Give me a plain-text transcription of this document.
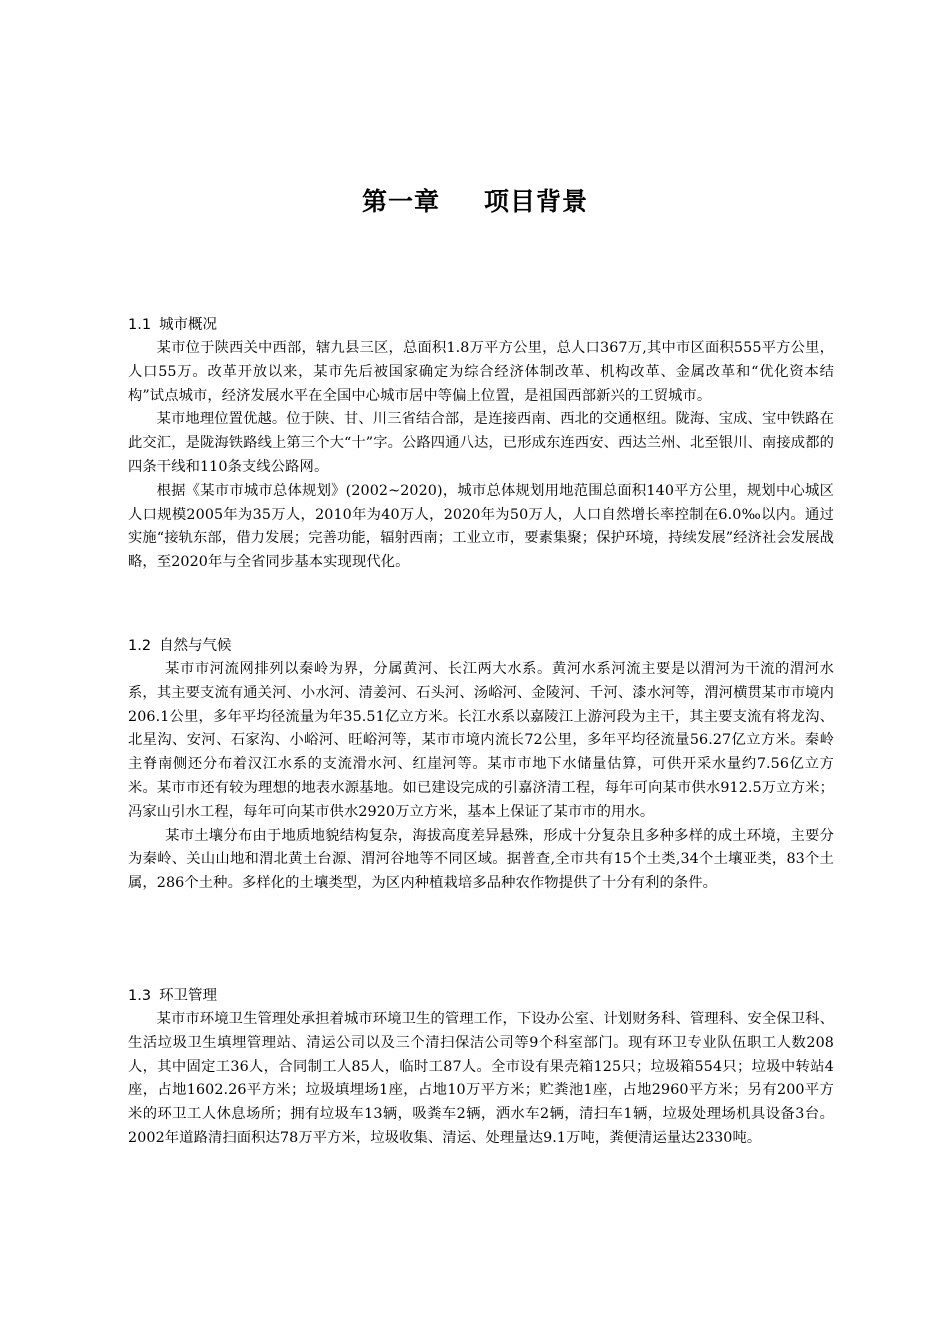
第一章 项目背景
1.1 城市概况

某市位于陕西关中西部，辖九县三区，总面积1.8万平方公里，总人口367万,其中市区面积555平方公里，人口55万。改革开放以来，某市先后被国家确定为综合经济体制改革、机构改革、金属改革和“优化资本结构”试点城市，经济发展水平在全国中心城市居中等偏上位置，是祖国西部新兴的工贸城市。

某市地理位置优越。位于陕、甘、川三省结合部，是连接西南、西北的交通枢纽。陇海、宝成、宝中铁路在此交汇，是陇海铁路线上第三个大“十”字。公路四通八达，已形成东连西安、西达兰州、北至银川、南接成都的四条干线和110条支线公路网。

根据《某市市城市总体规划》(2002~2020)，城市总体规划用地范围总面积140平方公里，规划中心城区人口规模2005年为35万人，2010年为40万人，2020年为50万人，人口自然增长率控制在6.0‰以内。通过实施“接轨东部，借力发展；完善功能，辐射西南；工业立市，要素集聚；保护环境，持续发展”经济社会发展战略，至2020年与全省同步基本实现现代化。

1.2 自然与气候

某市市河流网排列以秦岭为界，分属黄河、长江两大水系。黄河水系河流主要是以渭河为干流的渭河水系，其主要支流有通关河、小水河、清姜河、石头河、汤峪河、金陵河、千河、漆水河等，渭河横贯某市市境内206.1公里，多年平均径流量为年35.51亿立方米。长江水系以嘉陵江上游河段为主干，其主要支流有将龙沟、北星沟、安河、石家沟、小峪河、旺峪河等，某市市境内流长72公里，多年平均径流量56.27亿立方米。秦岭主脊南侧还分布着汉江水系的支流滑水河、红崖河等。某市市地下水储量估算，可供开采水量约7.56亿立方米。某市市还有较为理想的地表水源基地。如已建设完成的引嘉济清工程，每年可向某市供水912.5万立方米；冯家山引水工程，每年可向某市供水2920万立方米，基本上保证了某市市的用水。

某市土壤分布由于地质地貌结构复杂，海拔高度差异悬殊，形成十分复杂且多种多样的成土环境，主要分为秦岭、关山山地和渭北黄土台源、渭河谷地等不同区域。据普查,全市共有15个土类,34个土壤亚类，83个土属，286个土种。多样化的土壤类型，为区内种植栽培多品种农作物提供了十分有利的条件。

1.3 环卫管理

某市市环境卫生管理处承担着城市环境卫生的管理工作，下设办公室、计划财务科、管理科、安全保卫科、生活垃圾卫生填埋管理站、清运公司以及三个清扫保洁公司等9个科室部门。现有环卫专业队伍职工人数208人，其中固定工36人，合同制工人85人，临时工87人。全市设有果壳箱125只；垃圾箱554只；垃圾中转站4座，占地1602.26平方米；垃圾填埋场1座，占地10万平方米；贮粪池1座，占地2960平方米；另有200平方米的环卫工人休息场所；拥有垃圾车13辆，吸粪车2辆，洒水车2辆，清扫车1辆，垃圾处理场机具设备3台。2002年道路清扫面积达78万平方米，垃圾收集、清运、处理量达9.1万吨，粪便清运量达2330吨。
